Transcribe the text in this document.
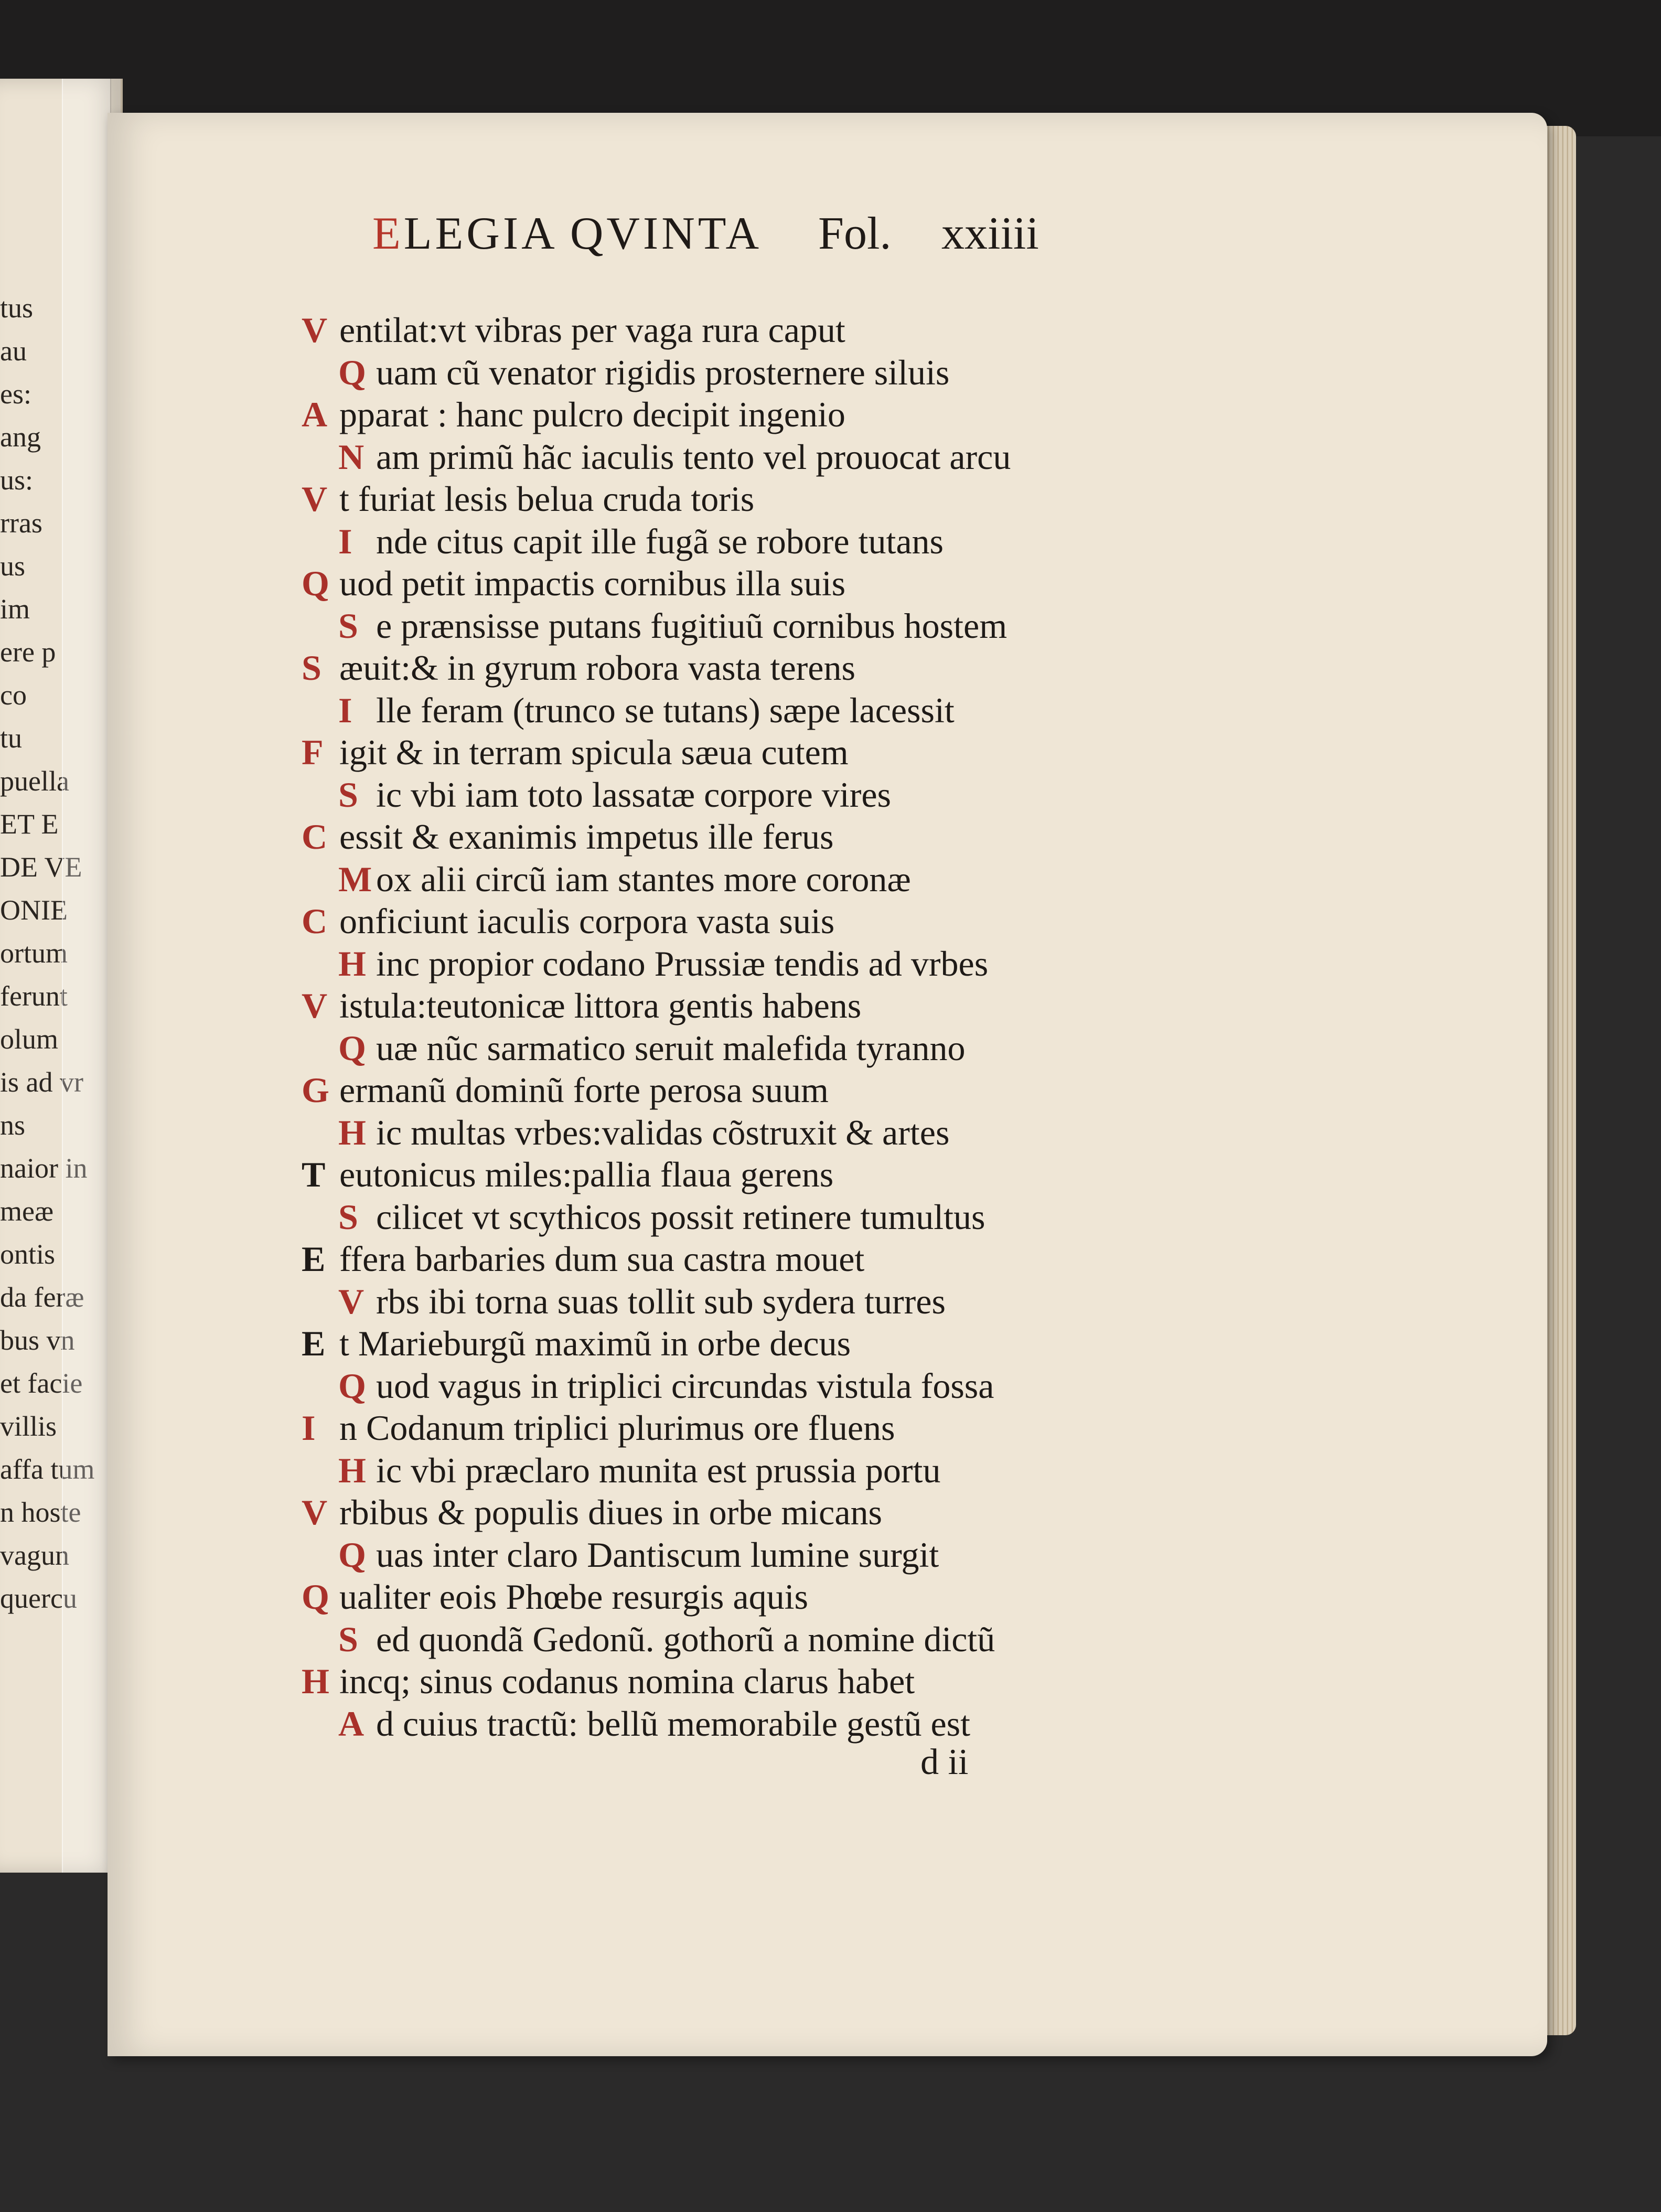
tus
au
es:
ang
us:
rras
us
im
ere p
co
tu
puella
ET E
DE VE
ONIE
ortum
ferunt
olum
is ad vr
ns
naior in
meæ
ontis
da feræ
bus vn
et facie
villis
affa tum
n hoste
vagun
quercu
ELEGIA QVINTA Fol. xxiiii
V entilat:vt vibras per vaga rura caput
Q uam cũ venator rigidis prosternere siluis
A pparat : hanc pulcro decipit ingenio
N am primũ hãc iaculis tento vel prouocat arcu
V t furiat lesis belua cruda toris
I nde citus capit ille fugã se robore tutans
Q uod petit impactis cornibus illa suis
S e prænsisse putans fugitiuũ cornibus hostem
S æuit:& in gyrum robora vasta terens
I lle feram (trunco se tutans) sæpe lacessit
F igit & in terram spicula sæua cutem
S ic vbi iam toto lassatæ corpore vires
C essit & exanimis impetus ille ferus
M ox alii circũ iam stantes more coronæ
C onficiunt iaculis corpora vasta suis
H inc propior codano Prussiæ tendis ad vrbes
V istula:teutonicæ littora gentis habens
Q uæ nũc sarmatico seruit malefida tyranno
G ermanũ dominũ forte perosa suum
H ic multas vrbes:validas cõstruxit & artes
T eutonicus miles:pallia flaua gerens
S cilicet vt scythicos possit retinere tumultus
E ffera barbaries dum sua castra mouet
V rbs ibi torna suas tollit sub sydera turres
E t Marieburgũ maximũ in orbe decus
Q uod vagus in triplici circundas vistula fossa
I n Codanum triplici plurimus ore fluens
H ic vbi præclaro munita est prussia portu
V rbibus & populis diues in orbe micans
Q uas inter claro Dantiscum lumine surgit
Q ualiter eois Phœbe resurgis aquis
S ed quondã Gedonũ. gothorũ a nomine dictũ
H incq; sinus codanus nomina clarus habet
A d cuius tractũ: bellũ memorabile gestũ est
d ii
